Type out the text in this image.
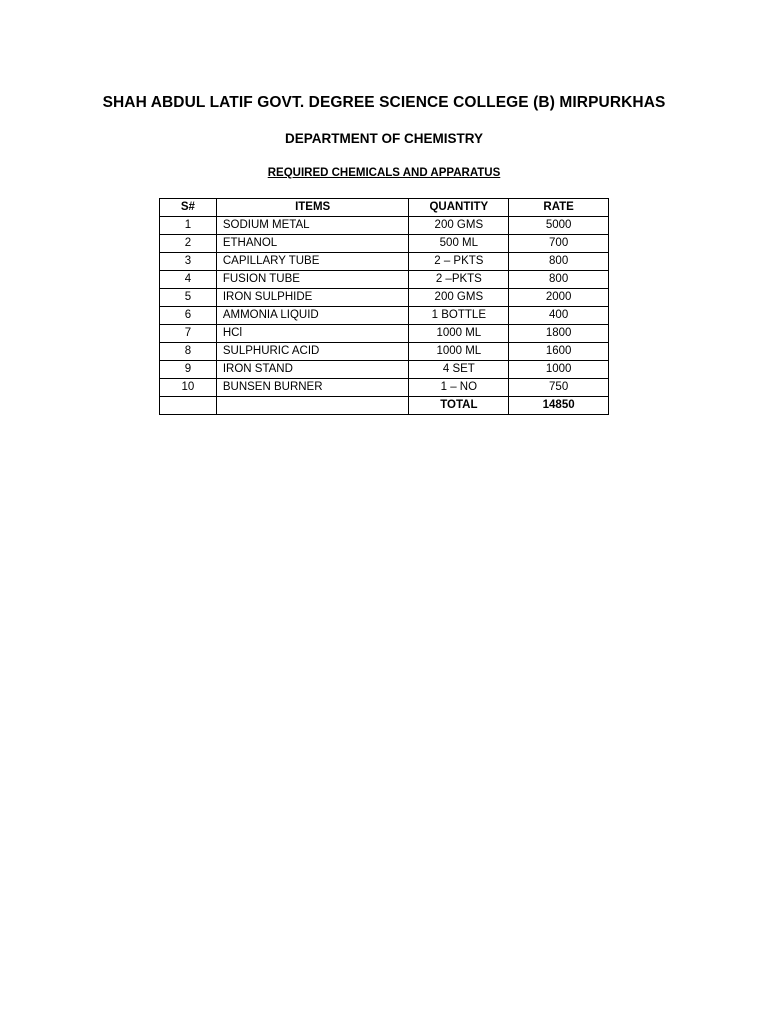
SHAH ABDUL LATIF GOVT. DEGREE SCIENCE COLLEGE (B) MIRPURKHAS
DEPARTMENT OF CHEMISTRY
REQUIRED CHEMICALS AND APPARATUS
S#	ITEMS	QUANTITY	RATE
1	SODIUM METAL	200 GMS	5000
2	ETHANOL	500 ML	700
3	CAPILLARY TUBE	2 – PKTS	800
4	FUSION TUBE	2 –PKTS	800
5	IRON SULPHIDE	200 GMS	2000
6	AMMONIA LIQUID	1 BOTTLE	400
7	HCl	1000 ML	1800
8	SULPHURIC ACID	1000 ML	1600
9	IRON STAND	4 SET	1000
10	BUNSEN BURNER	1 – NO	750
		TOTAL	14850
